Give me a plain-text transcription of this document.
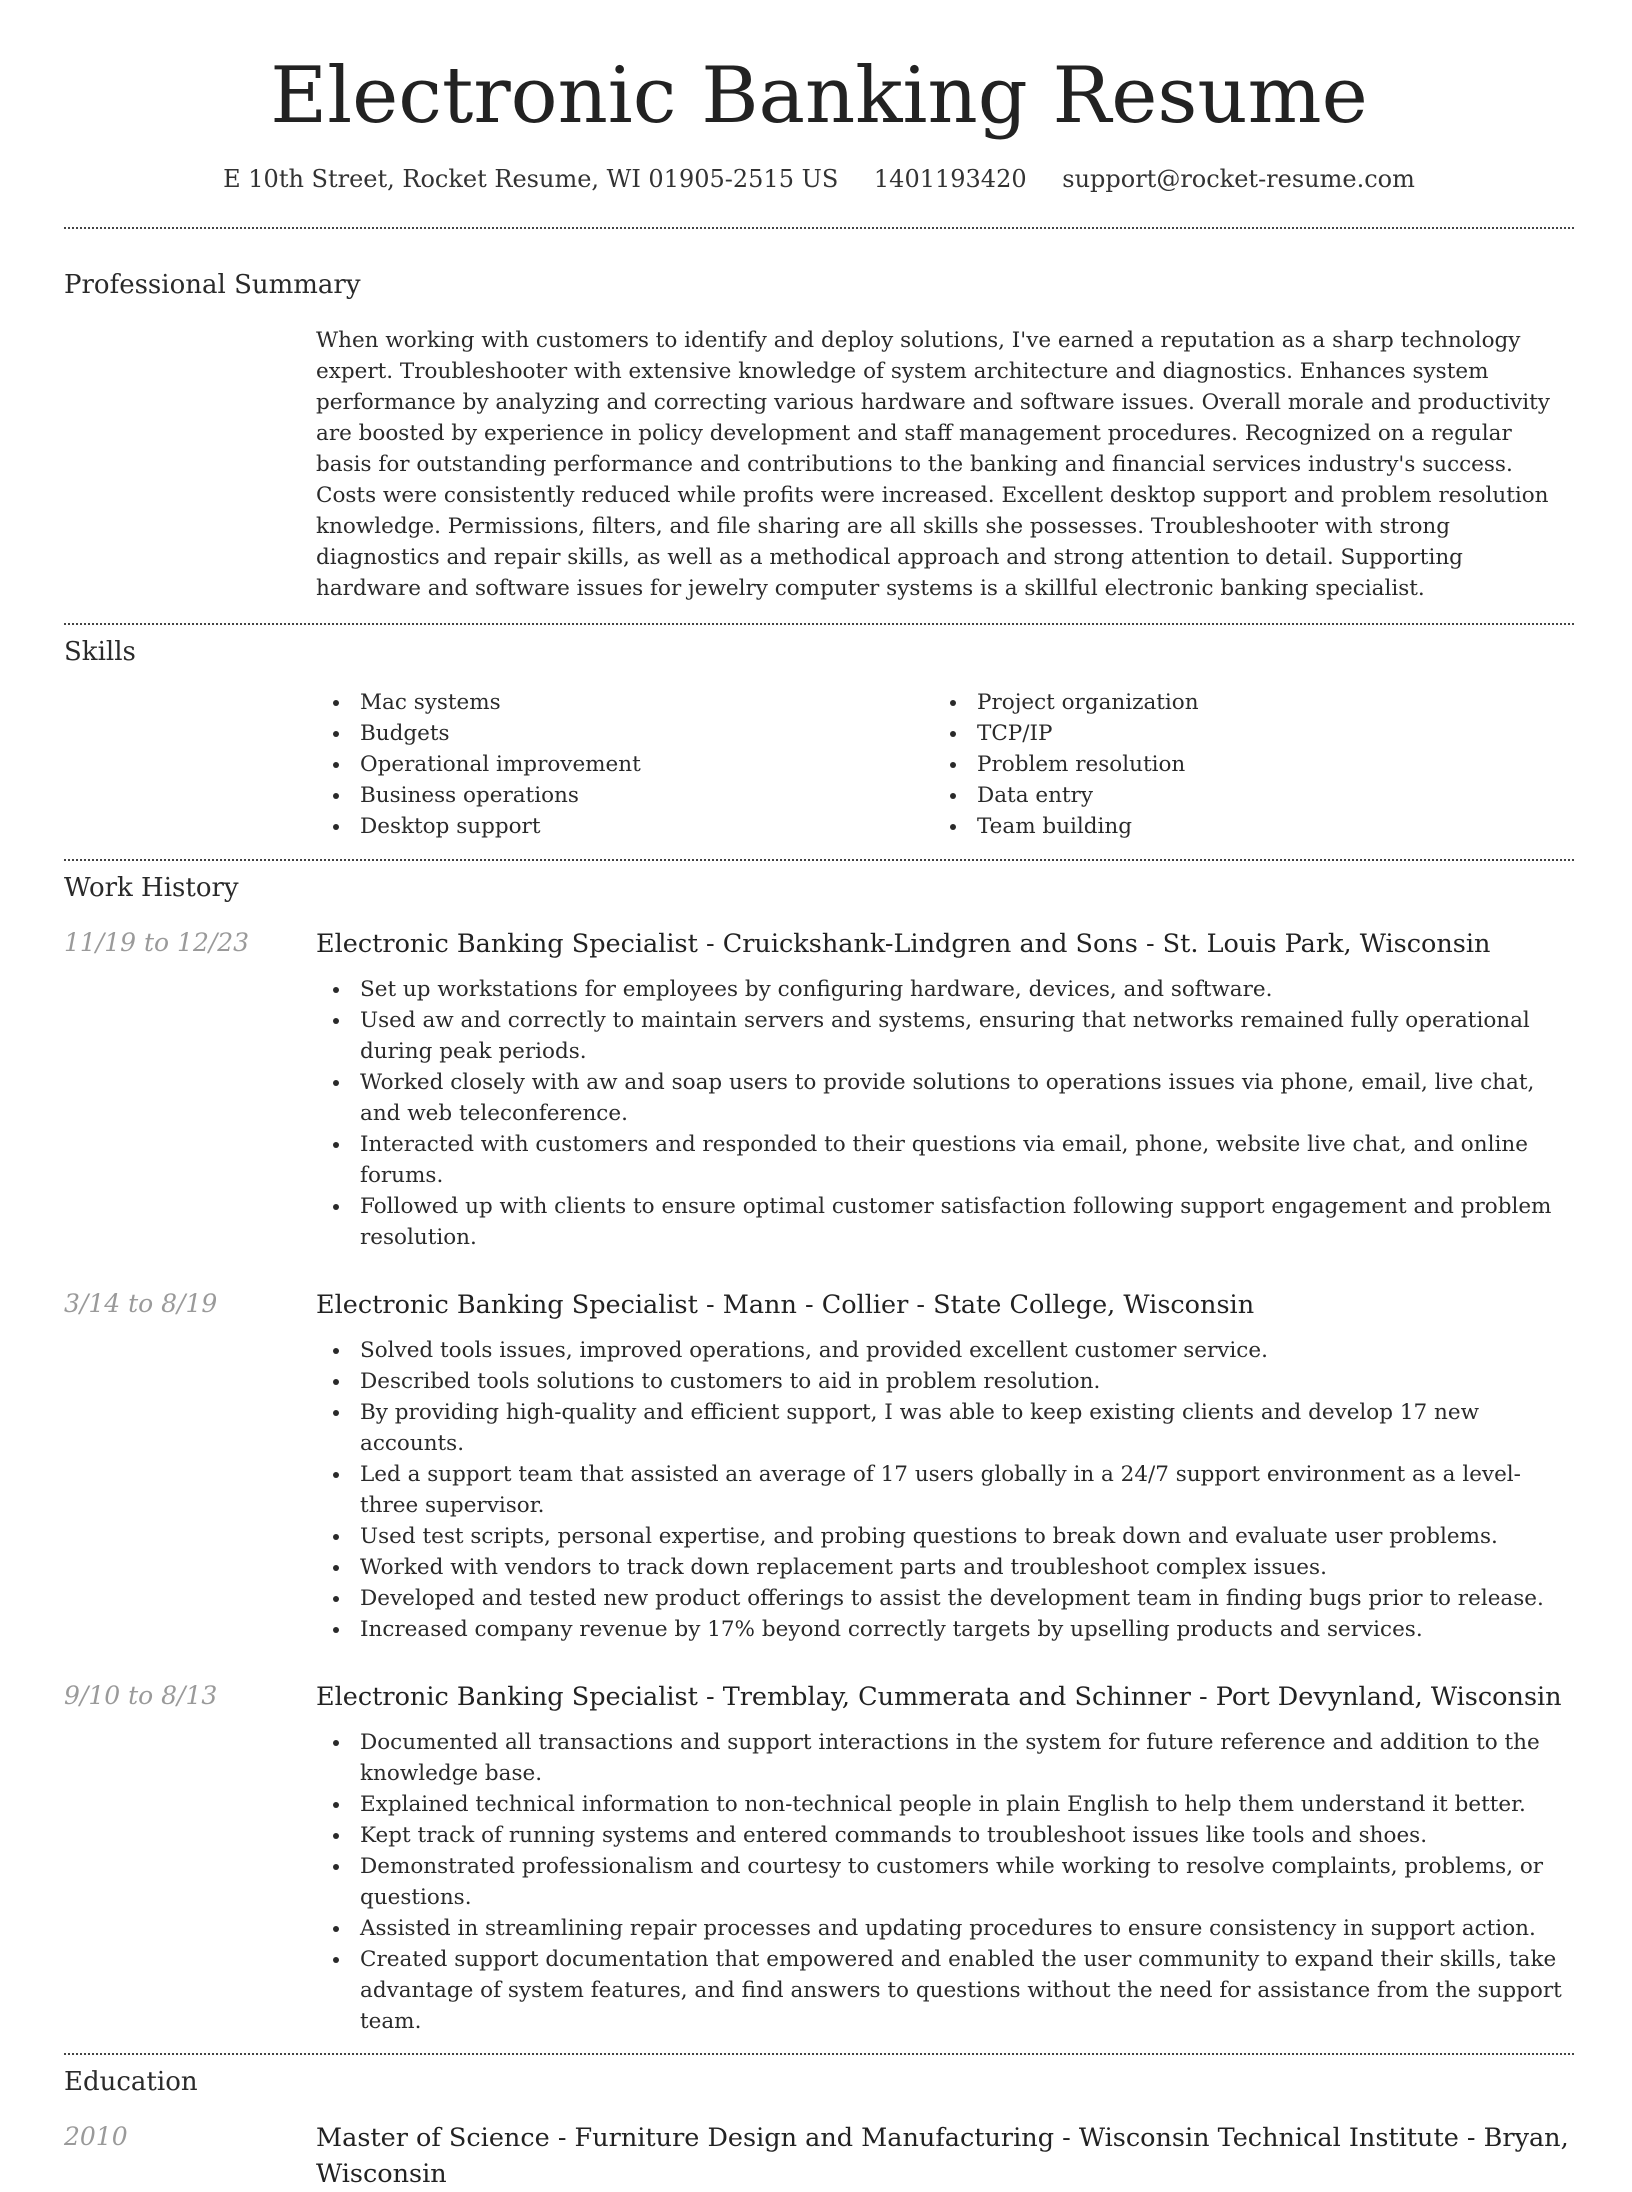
Electronic Banking Resume
E 10th Street, Rocket Resume, WI 01905-2515 US 1401193420 support@rocket-resume.com
Professional Summary

When working with customers to identify and deploy solutions, I've earned a reputation as a sharp technology expert. Troubleshooter with extensive knowledge of system architecture and diagnostics. Enhances system performance by analyzing and correcting various hardware and software issues. Overall morale and productivity are boosted by experience in policy development and staff management procedures. Recognized on a regular basis for outstanding performance and contributions to the banking and financial services industry's success. Costs were consistently reduced while profits were increased. Excellent desktop support and problem resolution knowledge. Permissions, filters, and file sharing are all skills she possesses. Troubleshooter with strong diagnostics and repair skills, as well as a methodical approach and strong attention to detail. Supporting hardware and software issues for jewelry computer systems is a skillful electronic banking specialist.

Skills
Mac systems
Budgets
Operational improvement
Business operations
Desktop support
Project organization
TCP/IP
Problem resolution
Data entry
Team building
Work History
11/19 to 12/23	Electronic Banking Specialist - Cruickshank-Lindgren and Sons - St. Louis Park, Wisconsin
Set up workstations for employees by configuring hardware, devices, and software.
Used aw and correctly to maintain servers and systems, ensuring that networks remained fully operational during peak periods.
Worked closely with aw and soap users to provide solutions to operations issues via phone, email, live chat, and web teleconference.
Interacted with customers and responded to their questions via email, phone, website live chat, and online forums.
Followed up with clients to ensure optimal customer satisfaction following support engagement and problem resolution.
3/14 to 8/19	Electronic Banking Specialist - Mann - Collier - State College, Wisconsin
Solved tools issues, improved operations, and provided excellent customer service.
Described tools solutions to customers to aid in problem resolution.
By providing high-quality and efficient support, I was able to keep existing clients and develop 17 new accounts.
Led a support team that assisted an average of 17 users globally in a 24/7 support environment as a level-three supervisor.
Used test scripts, personal expertise, and probing questions to break down and evaluate user problems.
Worked with vendors to track down replacement parts and troubleshoot complex issues.
Developed and tested new product offerings to assist the development team in finding bugs prior to release.
Increased company revenue by 17% beyond correctly targets by upselling products and services.
9/10 to 8/13	Electronic Banking Specialist - Tremblay, Cummerata and Schinner - Port Devynland, Wisconsin
Documented all transactions and support interactions in the system for future reference and addition to the knowledge base.
Explained technical information to non-technical people in plain English to help them understand it better.
Kept track of running systems and entered commands to troubleshoot issues like tools and shoes.
Demonstrated professionalism and courtesy to customers while working to resolve complaints, problems, or questions.
Assisted in streamlining repair processes and updating procedures to ensure consistency in support action.
Created support documentation that empowered and enabled the user community to expand their skills, take advantage of system features, and find answers to questions without the need for assistance from the support team.
Education
2010	Master of Science - Furniture Design and Manufacturing - Wisconsin Technical Institute - Bryan, Wisconsin
